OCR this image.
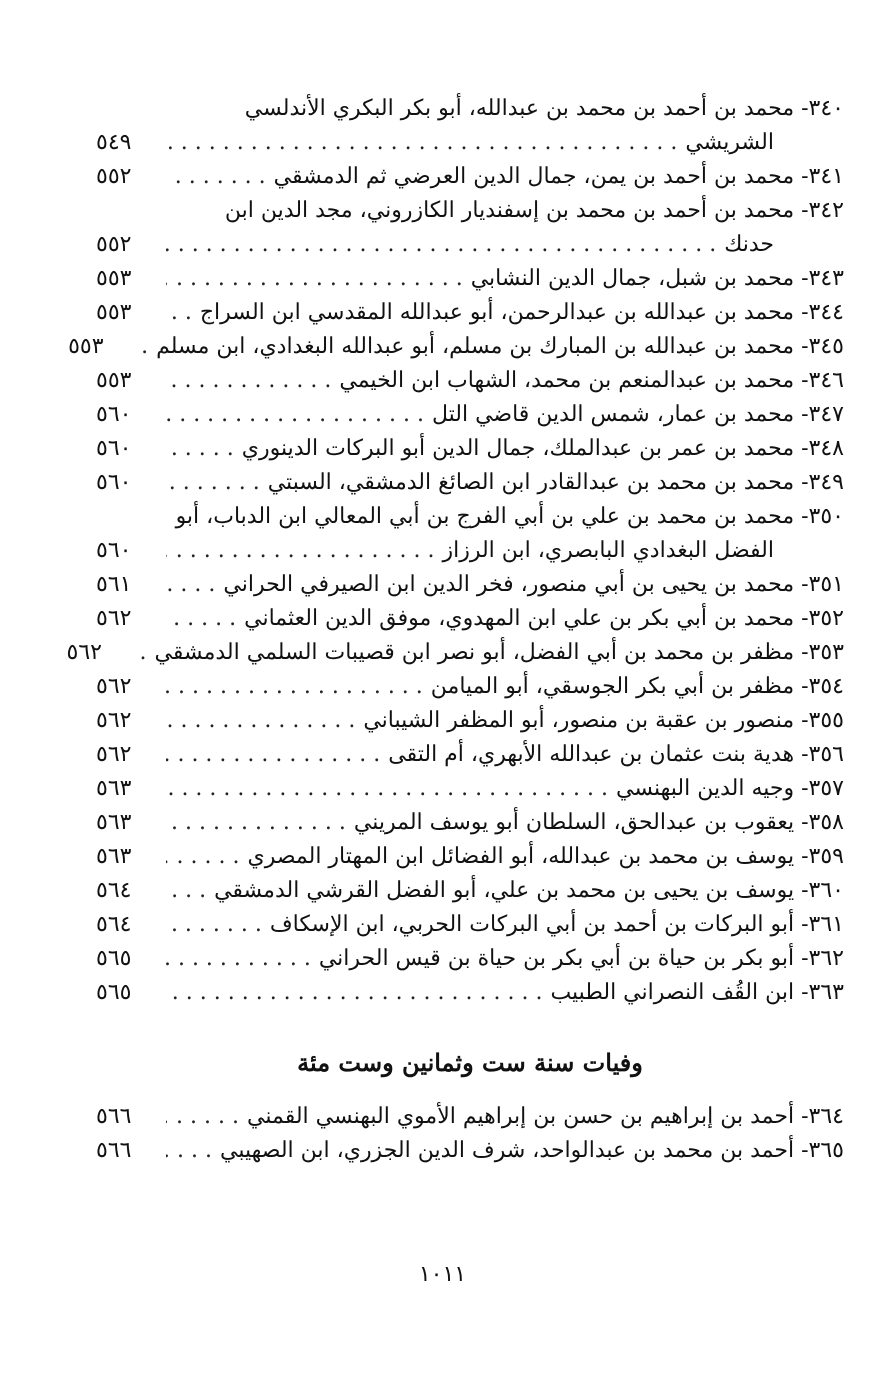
٣٤٠- محمد بن أحمد بن محمد بن عبدالله، أبو بكر البكري الأندلسي
الشريشي
. . .
٥٤٩
٣٤١- محمد بن أحمد بن يمن، جمال الدين العرضي ثم الدمشقي
. . .
٥٥٢
٣٤٢- محمد بن أحمد بن محمد بن إسفنديار الكازروني، مجد الدين ابن
حدنك
. . .
٥٥٢
٣٤٣- محمد بن شبل، جمال الدين النشابي
. . .
٥٥٣
٣٤٤- محمد بن عبدالله بن عبدالرحمن، أبو عبدالله المقدسي ابن السراج
. . .
٥٥٣
٣٤٥- محمد بن عبدالله بن المبارك بن مسلم، أبو عبدالله البغدادي، ابن مسلم
. . .
٥٥٣
٣٤٦- محمد بن عبدالمنعم بن محمد، الشهاب ابن الخيمي
. . .
٥٥٣
٣٤٧- محمد بن عمار، شمس الدين قاضي التل
. . .
٥٦٠
٣٤٨- محمد بن عمر بن عبدالملك، جمال الدين أبو البركات الدينوري
. . .
٥٦٠
٣٤٩- محمد بن محمد بن عبدالقادر ابن الصائغ الدمشقي، السبتي
. . .
٥٦٠
٣٥٠- محمد بن محمد بن علي بن أبي الفرج بن أبي المعالي ابن الدباب، أبو
الفضل البغدادي البابصري، ابن الرزاز
. . .
٥٦٠
٣٥١- محمد بن يحيى بن أبي منصور، فخر الدين ابن الصيرفي الحراني
. . .
٥٦١
٣٥٢- محمد بن أبي بكر بن علي ابن المهدوي، موفق الدين العثماني
. . .
٥٦٢
٣٥٣- مظفر بن محمد بن أبي الفضل، أبو نصر ابن قصيبات السلمي الدمشقي
. . .
٥٦٢
٣٥٤- مظفر بن أبي بكر الجوسقي، أبو الميامن
. . .
٥٦٢
٣٥٥- منصور بن عقبة بن منصور، أبو المظفر الشيباني
. . .
٥٦٢
٣٥٦- هدية بنت عثمان بن عبدالله الأبهري، أم التقى
. . .
٥٦٢
٣٥٧- وجيه الدين البهنسي
. . .
٥٦٣
٣٥٨- يعقوب بن عبدالحق، السلطان أبو يوسف المريني
. . .
٥٦٣
٣٥٩- يوسف بن محمد بن عبدالله، أبو الفضائل ابن المهتار المصري
. . .
٥٦٣
٣٦٠- يوسف بن يحيى بن محمد بن علي، أبو الفضل القرشي الدمشقي
. . .
٥٦٤
٣٦١- أبو البركات بن أحمد بن أبي البركات الحربي، ابن الإسكاف
. . .
٥٦٤
٣٦٢- أبو بكر بن حياة بن أبي بكر بن حياة بن قيس الحراني
. . .
٥٦٥
٣٦٣- ابن القُف النصراني الطبيب
. . .
٥٦٥
وفيات سنة ست وثمانين وست مئة
٣٦٤- أحمد بن إبراهيم بن حسن بن إبراهيم الأموي البهنسي القمني
. . .
٥٦٦
٣٦٥- أحمد بن محمد بن عبدالواحد، شرف الدين الجزري، ابن الصهيبي
. . .
٥٦٦
١٠١١
